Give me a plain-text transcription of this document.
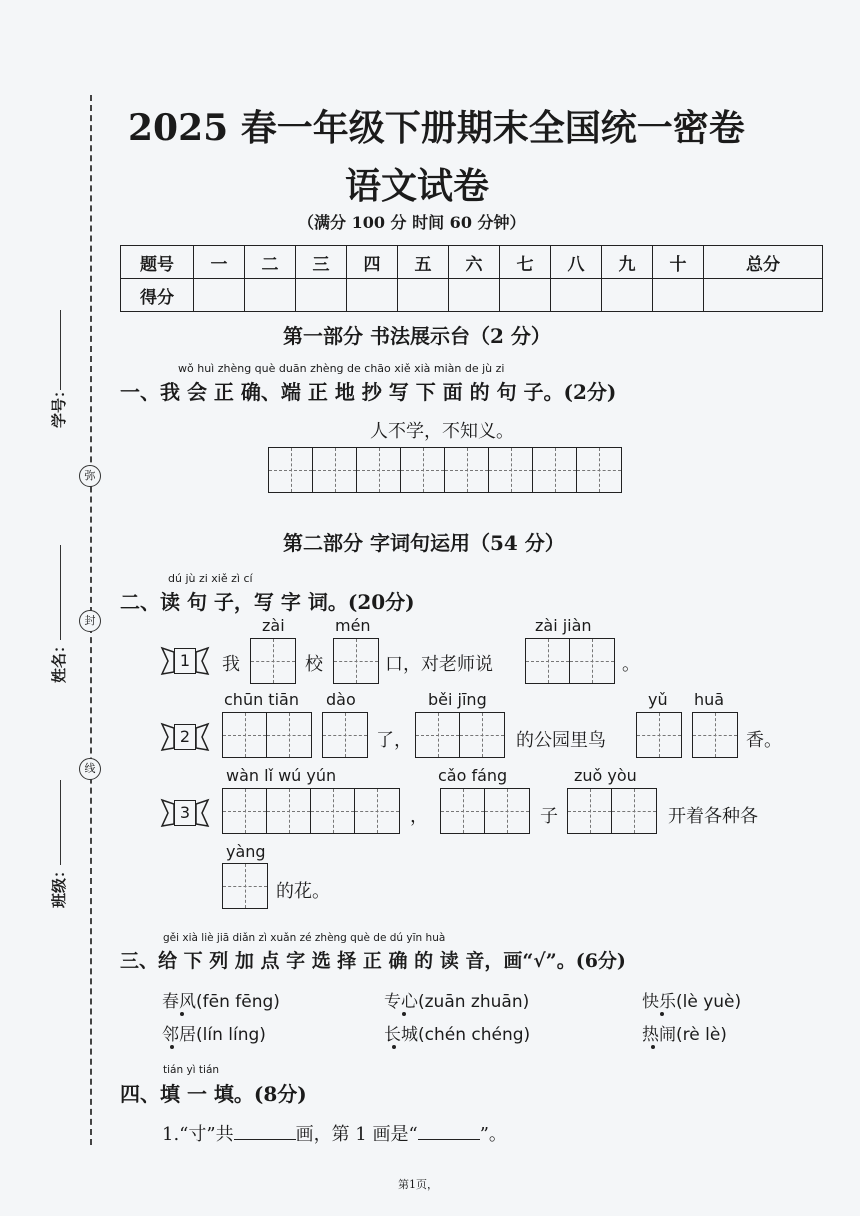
弥
封
线
学号：
姓名：
班级：
2025 春一年级下册期末全国统一密卷
语文试卷
（满分 100 分 时间 60 分钟）
题号	一	二	三	四	五	六	七	八	九	十	总分
得分											
第一部分 书法展示台（2 分）
wǒ huì zhèng què duān zhèng de chāo xiě xià miàn de jù zi
一、我 会 正 确、端 正 地 抄 写 下 面 的 句 子。(2分)
人不学，不知义。
第二部分 字词句运用（54 分）
dú jù zi xiě zì cí
二、读 句 子，写 字 词。(20分)
1
zài	mén	zài jiàn
我	校	口，对老师说	。
2
chūn tiān dào	běi jīng	yǔ huā
了，	的公园里鸟	香。
3
wàn lǐ wú yún	cǎo fáng	zuǒ yòu
，	子	开着各种各
yàng
的花。
gěi xià liè jiā diǎn zì xuǎn zé zhèng què de dú yīn huà
三、给 下 列 加 点 字 选 择 正 确 的 读 音，画“√”。(6分)
春风(fēn fēng)	专心(zuān zhuān)	快乐(lè yuè)
邻居(lín líng)	长城(chén chéng)	热闹(rè lè)
tián yì tián
四、填 一 填。(8分)
1.“寸”共	画，第 1 画是“	”。
第1页，
